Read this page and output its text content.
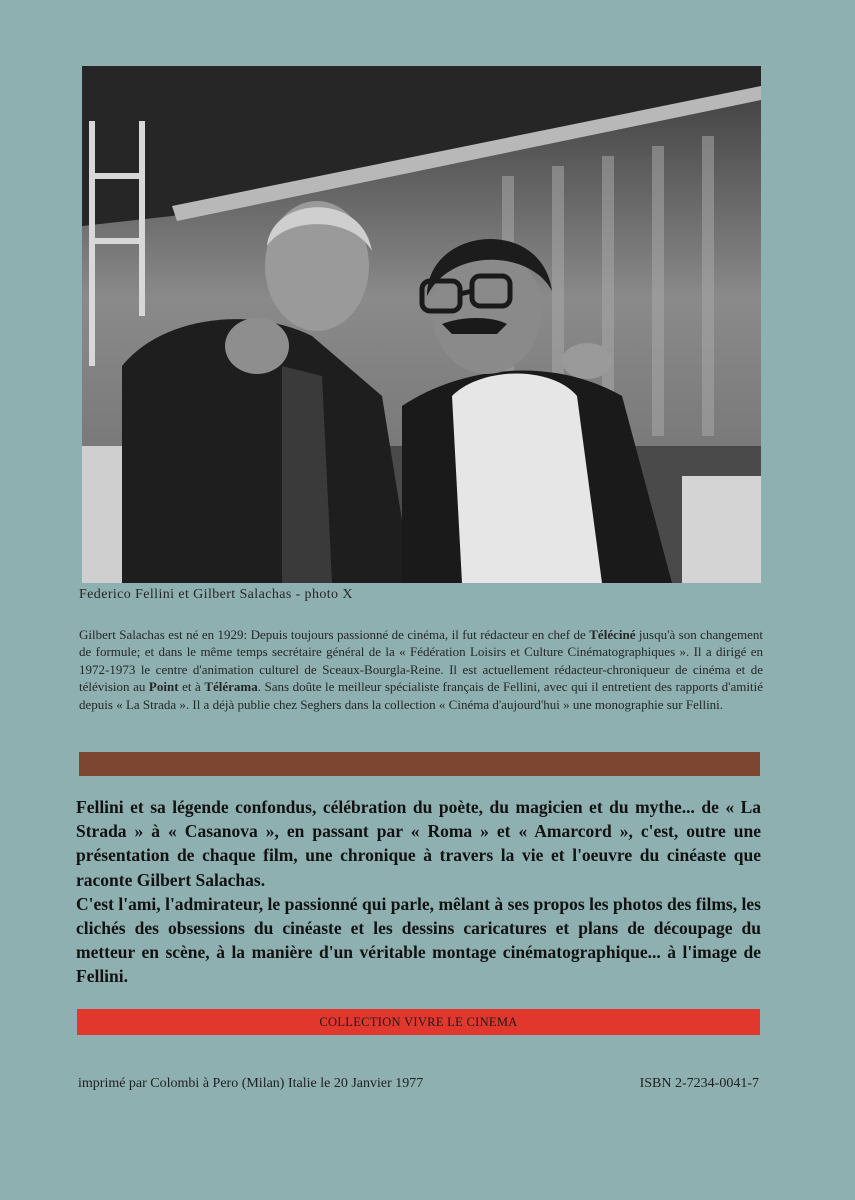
Federico Fellini et Gilbert Salachas - photo X
Gilbert Salachas est né en 1929: Depuis toujours passionné de cinéma, il fut rédacteur en chef de Téléciné jusqu'à son changement de formule; et dans le même temps secrétaire général de la « Fédération Loisirs et Culture Cinématographiques ». Il a dirigé en 1972-1973 le centre d'animation culturel de Sceaux-Bourgla-Reine. Il est actuellement rédacteur-chroniqueur de cinéma et de télévision au Point et à Télérama. Sans doûte le meilleur spécialiste français de Fellini, avec qui il entretient des rapports d'amitié depuis « La Strada ». Il a déjà publie chez Seghers dans la collection « Cinéma d'aujourd'hui » une monographie sur Fellini.

Fellini et sa légende confondus, célébration du poète, du magicien et du mythe... de « La Strada » à « Casanova », en passant par « Roma » et « Amarcord », c'est, outre une présentation de chaque film, une chronique à travers la vie et l'oeuvre du cinéaste que raconte Gilbert Salachas.

C'est l'ami, l'admirateur, le passionné qui parle, mêlant à ses propos les photos des films, les clichés des obsessions du cinéaste et les dessins caricatures et plans de découpage du metteur en scène, à la manière d'un véritable montage cinématographique... à l'image de Fellini.

COLLECTION VIVRE LE CINEMA
imprimé par Colombi à Pero (Milan) Italie le 20 Janvier 1977	ISBN 2-7234-0041-7
